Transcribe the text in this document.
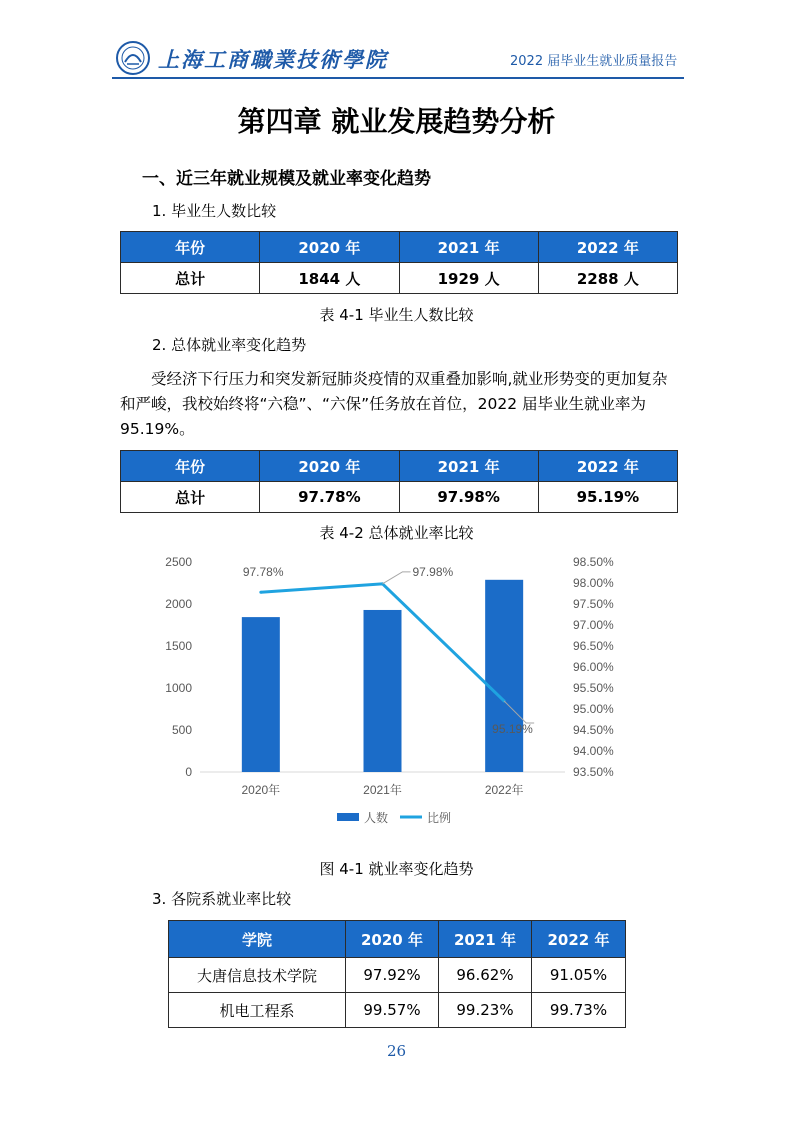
上海工商職業技術學院	2022 届毕业生就业质量报告
第四章 就业发展趋势分析
一、近三年就业规模及就业率变化趋势
1. 毕业生人数比较
年份	2020 年	2021 年	2022 年
总计	1844 人	1929 人	2288 人
表 4-1 毕业生人数比较
2. 总体就业率变化趋势
受经济下行压力和突发新冠肺炎疫情的双重叠加影响,就业形势变的更加复杂和严峻，我校始终将“六稳”、“六保”任务放在首位，2022 届毕业生就业率为 95.19%。
年份	2020 年	2021 年	2022 年
总计	97.78%	97.98%	95.19%
表 4-2 总体就业率比较
0
500
1000
1500
2000
2500
93.50%
94.00%
94.50%
95.00%
95.50%
96.00%
96.50%
97.00%
97.50%
98.00%
98.50%
2020年	2021年	2022年
97.78%	97.98%
95.19%
人数	比例
图 4-1 就业率变化趋势
3. 各院系就业率比较
学院	2020 年	2021 年	2022 年
大唐信息技术学院	97.92%	96.62%	91.05%
机电工程系	99.57%	99.23%	99.73%
26
